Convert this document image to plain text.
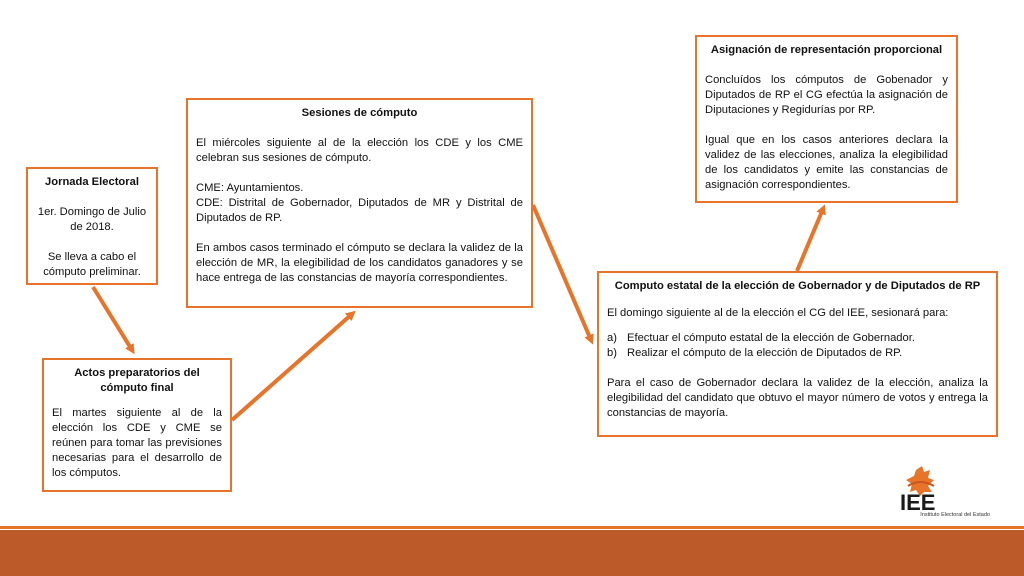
Jornada Electoral

1er. Domingo de Julio de 2018.

Se lleva a cabo el cómputo preliminar.

Actos preparatorios del cómputo final

El martes siguiente al de la elección los CDE y CME se reúnen para tomar las previsiones necesarias para el desarrollo de los cómputos.

Sesiones de cómputo

El miércoles siguiente al de la elección los CDE y los CME celebran sus sesiones de cómputo.

CME: Ayuntamientos.
CDE: Distrital de Gobernador, Diputados de MR y Distrital de Diputados de RP.

En ambos casos terminado el cómputo se declara la validez de la elección de MR, la elegibilidad de los candidatos ganadores y se hace entrega de las constancias de mayoría correspondientes.

Computo estatal de la elección de Gobernador y de Diputados de RP

El domingo siguiente al de la elección el CG del IEE, sesionará para:

a) Efectuar el cómputo estatal de la elección de Gobernador.
b) Realizar el cómputo de la elección de Diputados de RP.

Para el caso de Gobernador declara la validez de la elección, analiza la elegibilidad del candidato que obtuvo el mayor número de votos y entrega la constancias de mayoría.

Asignación de representación proporcional

Concluídos los cómputos de Gobenador y Diputados de RP el CG efectúa la asignación de Diputaciones y Regidurías por RP.

Igual que en los casos anteriores declara la validez de las elecciones, analiza la elegibilidad de los candidatos y emite las constancias de asignación correspondientes.

IEE
Instituto Electoral del Estado
